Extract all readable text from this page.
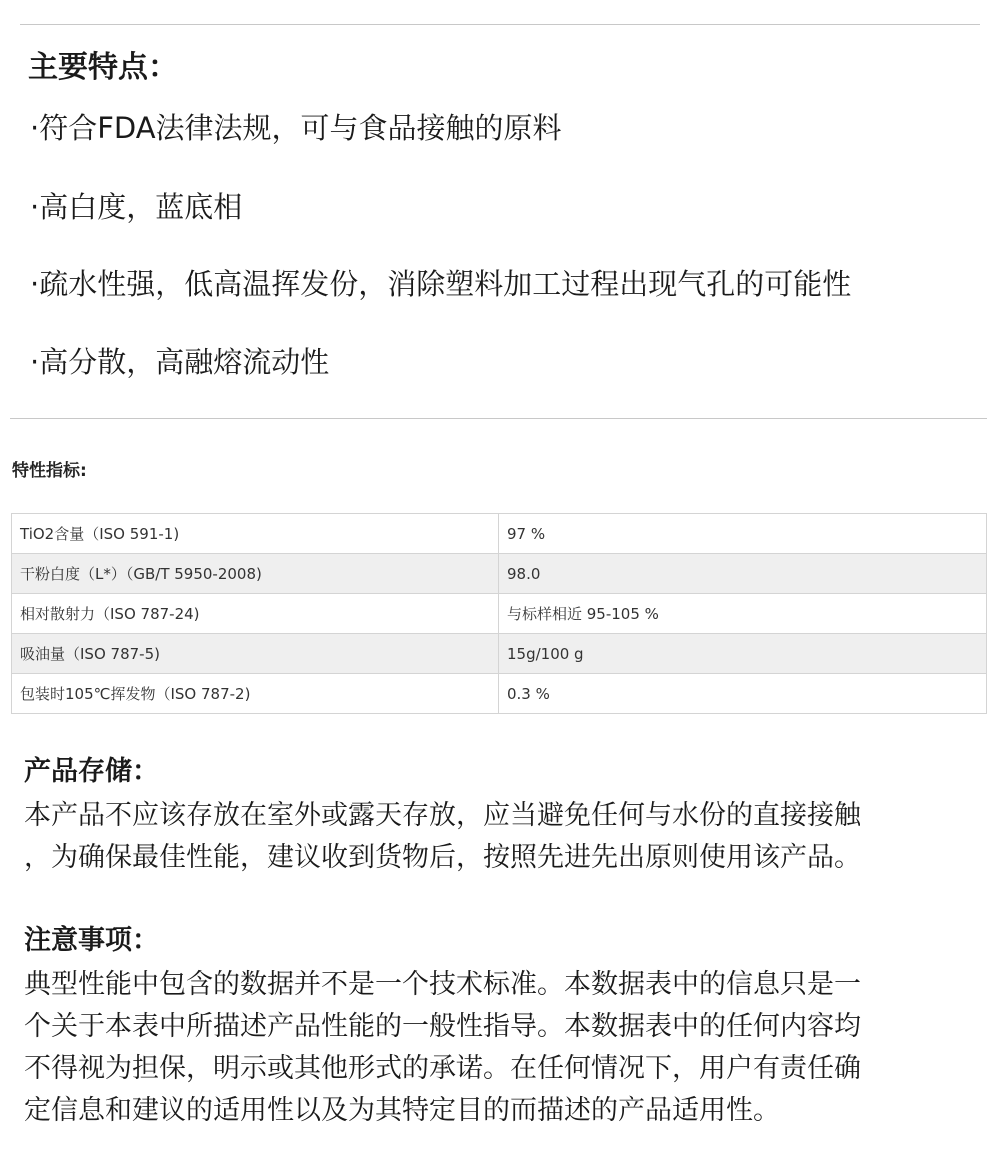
主要特点：
·符合FDA法律法规，可与食品接触的原料
·高白度，蓝底相
·疏水性强，低高温挥发份，消除塑料加工过程出现气孔的可能性
·高分散，高融熔流动性
特性指标:
TiO2含量（ISO 591-1)	97 %
干粉白度（L*）（GB/T 5950-2008)	98.0
相对散射力（ISO 787-24)	与标样相近 95-105 %
吸油量（ISO 787-5)	15g/100 g
包装时105℃挥发物（ISO 787-2)	0.3 %
产品存储：
本产品不应该存放在室外或露天存放，应当避免任何与水份的直接接触
，为确保最佳性能，建议收到货物后，按照先进先出原则使用该产品。
注意事项：
典型性能中包含的数据并不是一个技术标准。本数据表中的信息只是一
个关于本表中所描述产品性能的一般性指导。本数据表中的任何内容均
不得视为担保，明示或其他形式的承诺。在任何情况下，用户有责任确
定信息和建议的适用性以及为其特定目的而描述的产品适用性。
